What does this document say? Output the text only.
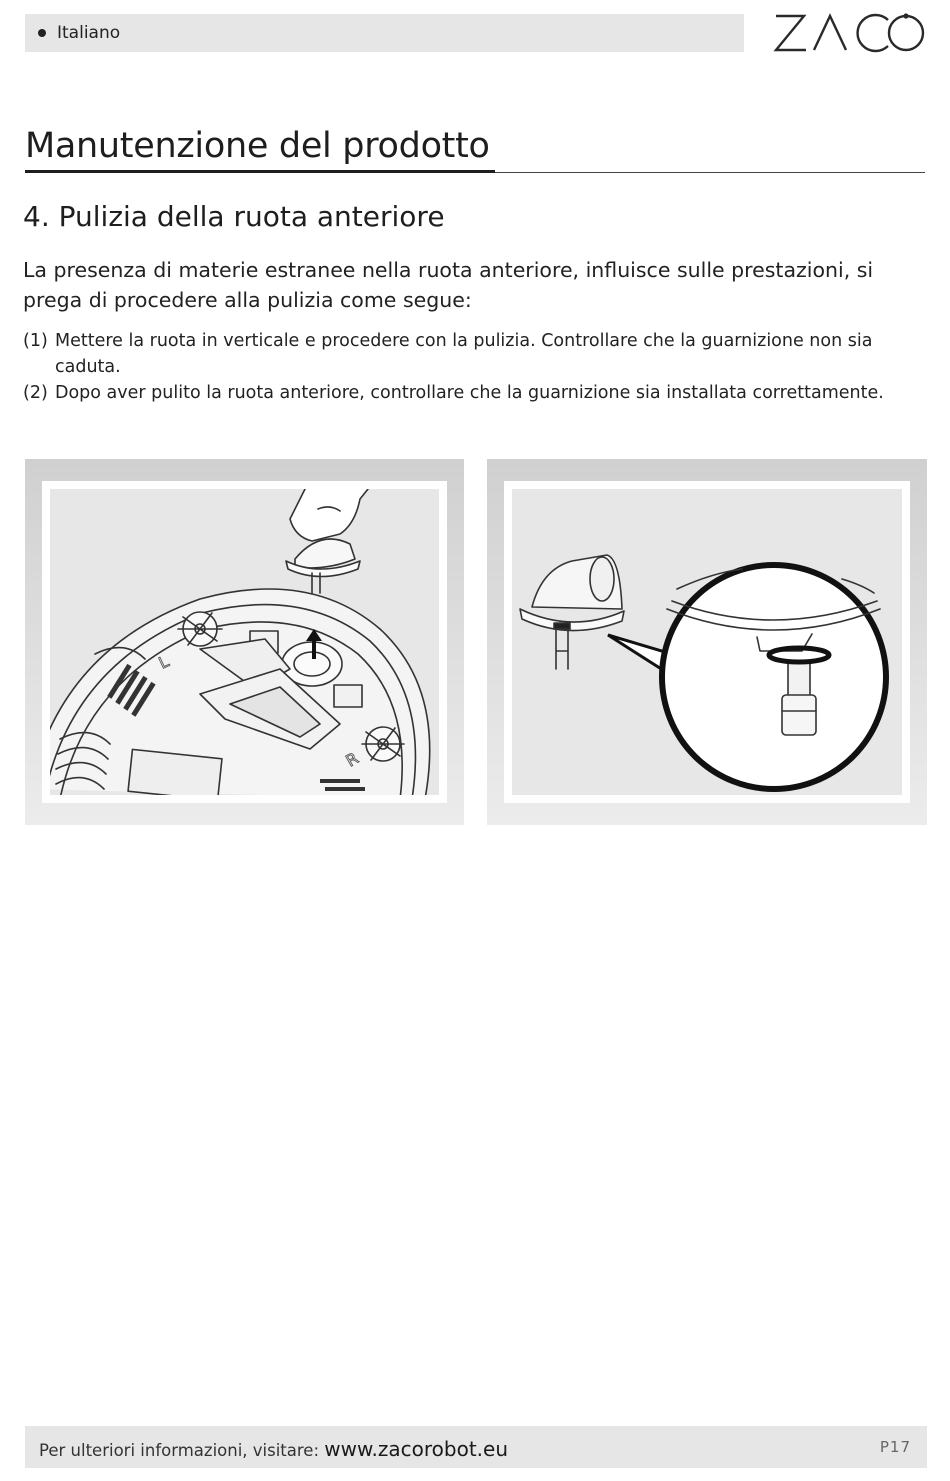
Italiano
Manutenzione del prodotto
4. Pulizia della ruota anteriore

La presenza di materie estranee nella ruota anteriore, influisce sulle prestazioni, si prega di procedere alla pulizia come segue:

(1) Mettere la ruota in verticale e procedere con la pulizia. Controllare che la guarnizione non sia caduta.
(2) Dopo aver pulito la ruota anteriore, controllare che la guarnizione sia installata correttamente.
L
R
Per ulteriori informazioni, visitare: www.zacorobot.eu	P17
